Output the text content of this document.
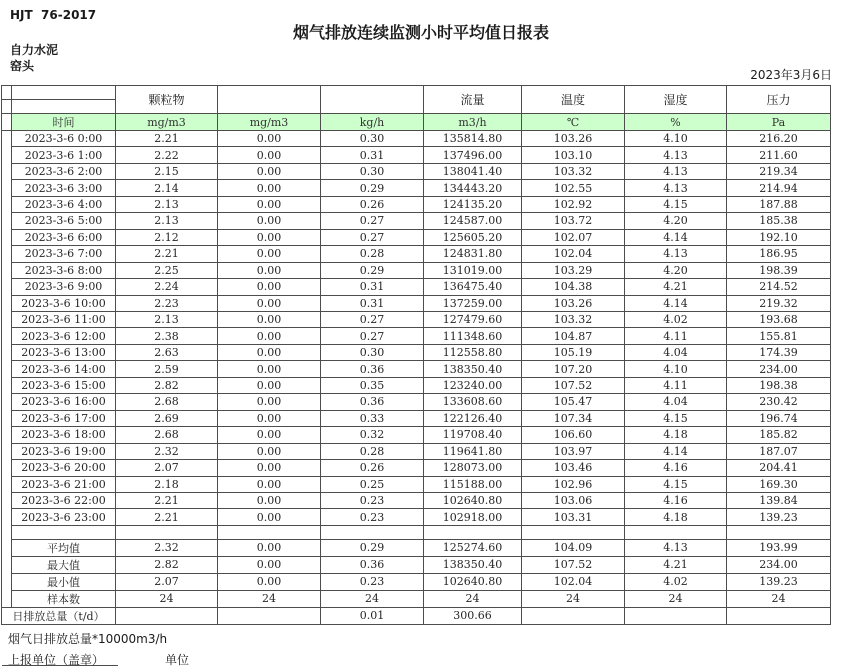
HJT  76-2017
烟气排放连续监测小时平均值日报表
自力水泥
窑头
2023年3月6日
		颗粒物			流量	温度	湿度	压力

	时间	mg/m3	mg/m3	kg/h	m3/h	℃	%	Pa
	2023-3-6 0:00	2.21	0.00	0.30	135814.80	103.26	4.10	216.20
	2023-3-6 1:00	2.22	0.00	0.31	137496.00	103.10	4.13	211.60
	2023-3-6 2:00	2.15	0.00	0.30	138041.40	103.32	4.13	219.34
	2023-3-6 3:00	2.14	0.00	0.29	134443.20	102.55	4.13	214.94
	2023-3-6 4:00	2.13	0.00	0.26	124135.20	102.92	4.15	187.88
	2023-3-6 5:00	2.13	0.00	0.27	124587.00	103.72	4.20	185.38
	2023-3-6 6:00	2.12	0.00	0.27	125605.20	102.07	4.14	192.10
	2023-3-6 7:00	2.21	0.00	0.28	124831.80	102.04	4.13	186.95
	2023-3-6 8:00	2.25	0.00	0.29	131019.00	103.29	4.20	198.39
	2023-3-6 9:00	2.24	0.00	0.31	136475.40	104.38	4.21	214.52
	2023-3-6 10:00	2.23	0.00	0.31	137259.00	103.26	4.14	219.32
	2023-3-6 11:00	2.13	0.00	0.27	127479.60	103.32	4.02	193.68
	2023-3-6 12:00	2.38	0.00	0.27	111348.60	104.87	4.11	155.81
	2023-3-6 13:00	2.63	0.00	0.30	112558.80	105.19	4.04	174.39
	2023-3-6 14:00	2.59	0.00	0.36	138350.40	107.20	4.10	234.00
	2023-3-6 15:00	2.82	0.00	0.35	123240.00	107.52	4.11	198.38
	2023-3-6 16:00	2.68	0.00	0.36	133608.60	105.47	4.04	230.42
	2023-3-6 17:00	2.69	0.00	0.33	122126.40	107.34	4.15	196.74
	2023-3-6 18:00	2.68	0.00	0.32	119708.40	106.60	4.18	185.82
	2023-3-6 19:00	2.32	0.00	0.28	119641.80	103.97	4.14	187.07
	2023-3-6 20:00	2.07	0.00	0.26	128073.00	103.46	4.16	204.41
	2023-3-6 21:00	2.18	0.00	0.25	115188.00	102.96	4.15	169.30
	2023-3-6 22:00	2.21	0.00	0.23	102640.80	103.06	4.16	139.84
	2023-3-6 23:00	2.21	0.00	0.23	102918.00	103.31	4.18	139.23

	平均值	2.32	0.00	0.29	125274.60	104.09	4.13	193.99
	最大值	2.82	0.00	0.36	138350.40	107.52	4.21	234.00
	最小值	2.07	0.00	0.23	102640.80	102.04	4.02	139.23
	样本数	24	24	24	24	24	24	24
日排放总量（t/d）				0.01	300.66			
烟气日排放总量*10000m3/h
上报单位（盖章）	单位
